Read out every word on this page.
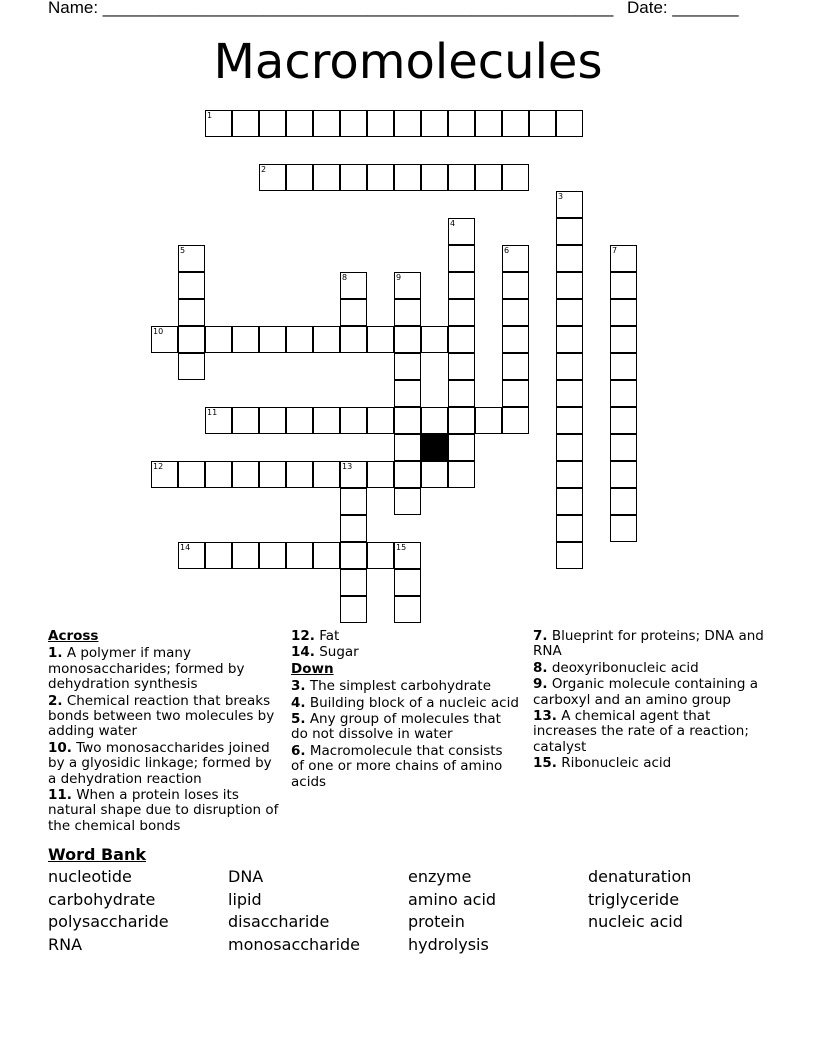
Name: ______________________________________________________ Date: _______
Macromolecules
1
2
3
4
5	6	7
8	9
10
11
12	13
14	15
Across
1. A polymer if many monosaccharides; formed by dehydration synthesis
2. Chemical reaction that breaks bonds between two molecules by adding water
10. Two monosaccharides joined by a glyosidic linkage; formed by a dehydration reaction
11. When a protein loses its natural shape due to disruption of the chemical bonds
12. Fat
14. Sugar
Down
3. The simplest carbohydrate
4. Building block of a nucleic acid
5. Any group of molecules that do not dissolve in water
6. Macromolecule that consists of one or more chains of amino acids
7. Blueprint for proteins; DNA and RNA
8. deoxyribonucleic acid
9. Organic molecule containing a carboxyl and an amino group
13. A chemical agent that increases the rate of a reaction; catalyst
15. Ribonucleic acid
Word Bank
nucleotide	DNA	enzyme	denaturation
carbohydrate	lipid	amino acid	triglyceride
polysaccharide	disaccharide	protein	nucleic acid
RNA	monosaccharide	hydrolysis
